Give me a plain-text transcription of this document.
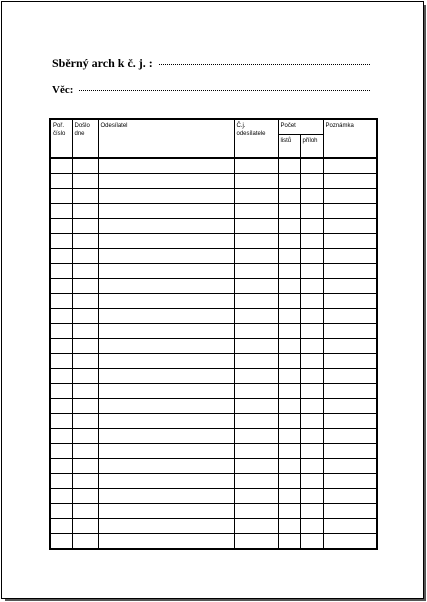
Sběrný arch k č. j. :
Věc:
Poř. číslo	Došlo dne	Odesílatel	Č.j. odesílatele	Počet		Poznámka
				listů	příloh	
